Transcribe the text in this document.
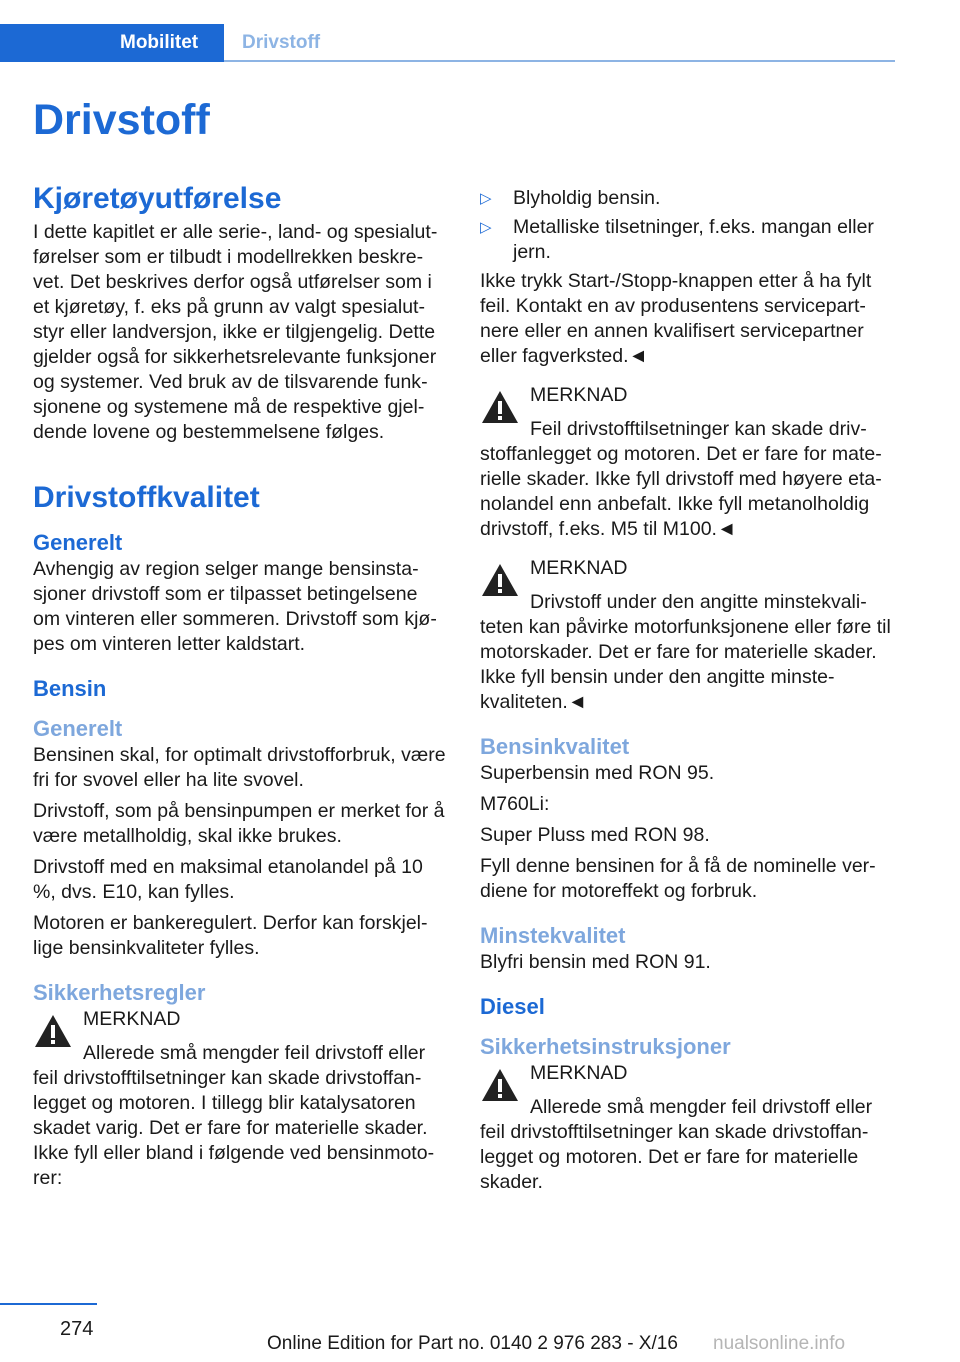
Mobilitet	Drivstoff
Drivstoff
Kjøretøyutførelse

I dette kapitlet er alle serie-, land- og spesialutførelser som er tilbudt i modellrekken beskrevet. Det beskrives derfor også utførelser som i et kjøretøy, f. eks på grunn av valgt spesialutstyr eller landversjon, ikke er tilgjengelig. Dette gjelder også for sikkerhetsrelevante funksjoner og systemer. Ved bruk av de tilsvarende funksjonene og systemene må de respektive gjeldende lovene og bestemmelsene følges.

Drivstoffkvalitet
Generelt

Avhengig av region selger mange bensinstasjoner drivstoff som er tilpasset betingelsene om vinteren eller sommeren. Drivstoff som kjøpes om vinteren letter kaldstart.

Bensin
Generelt

Bensinen skal, for optimalt drivstofforbruk, være fri for svovel eller ha lite svovel.

Drivstoff, som på bensinpumpen er merket for å være metallholdig, skal ikke brukes.

Drivstoff med en maksimal etanolandel på 10 %, dvs. E10, kan fylles.

Motoren er bankeregulert. Derfor kan forskjellige bensinkvaliteter fylles.

Sikkerhetsregler
MERKNAD

Allerede små mengder feil drivstoff eller feil drivstofftilsetninger kan skade drivstoffanlegget og motoren. I tillegg blir katalysatoren skadet varig. Det er fare for materielle skader. Ikke fyll eller bland i følgende ved bensinmotorer:

▷ Blyholdig bensin.
▷ Metalliske tilsetninger, f.eks. mangan eller jern.

Ikke trykk Start-/Stopp-knappen etter å ha fylt feil. Kontakt en av produsentens servicepartnere eller en annen kvalifisert servicepartner eller fagverksted.◄

MERKNAD

Feil drivstofftilsetninger kan skade drivstoffanlegget og motoren. Det er fare for materielle skader. Ikke fyll drivstoff med høyere etanolandel enn anbefalt. Ikke fyll metanolholdig drivstoff, f.eks. M5 til M100.◄

MERKNAD

Drivstoff under den angitte minstekvaliteten kan påvirke motorfunksjonene eller føre til motorskader. Det er fare for materielle skader. Ikke fyll bensin under den angitte minstekvaliteten.◄

Bensinkvalitet

Superbensin med RON 95.

M760Li:

Super Pluss med RON 98.

Fyll denne bensinen for å få de nominelle verdiene for motoreffekt og forbruk.

Minstekvalitet

Blyfri bensin med RON 91.

Diesel
Sikkerhetsinstruksjoner
MERKNAD

Allerede små mengder feil drivstoff eller feil drivstofftilsetninger kan skade drivstoffanlegget og motoren. Det er fare for materielle skader.

274
Online Edition for Part no. 0140 2 976 283 - X/16 nualsonline.info
